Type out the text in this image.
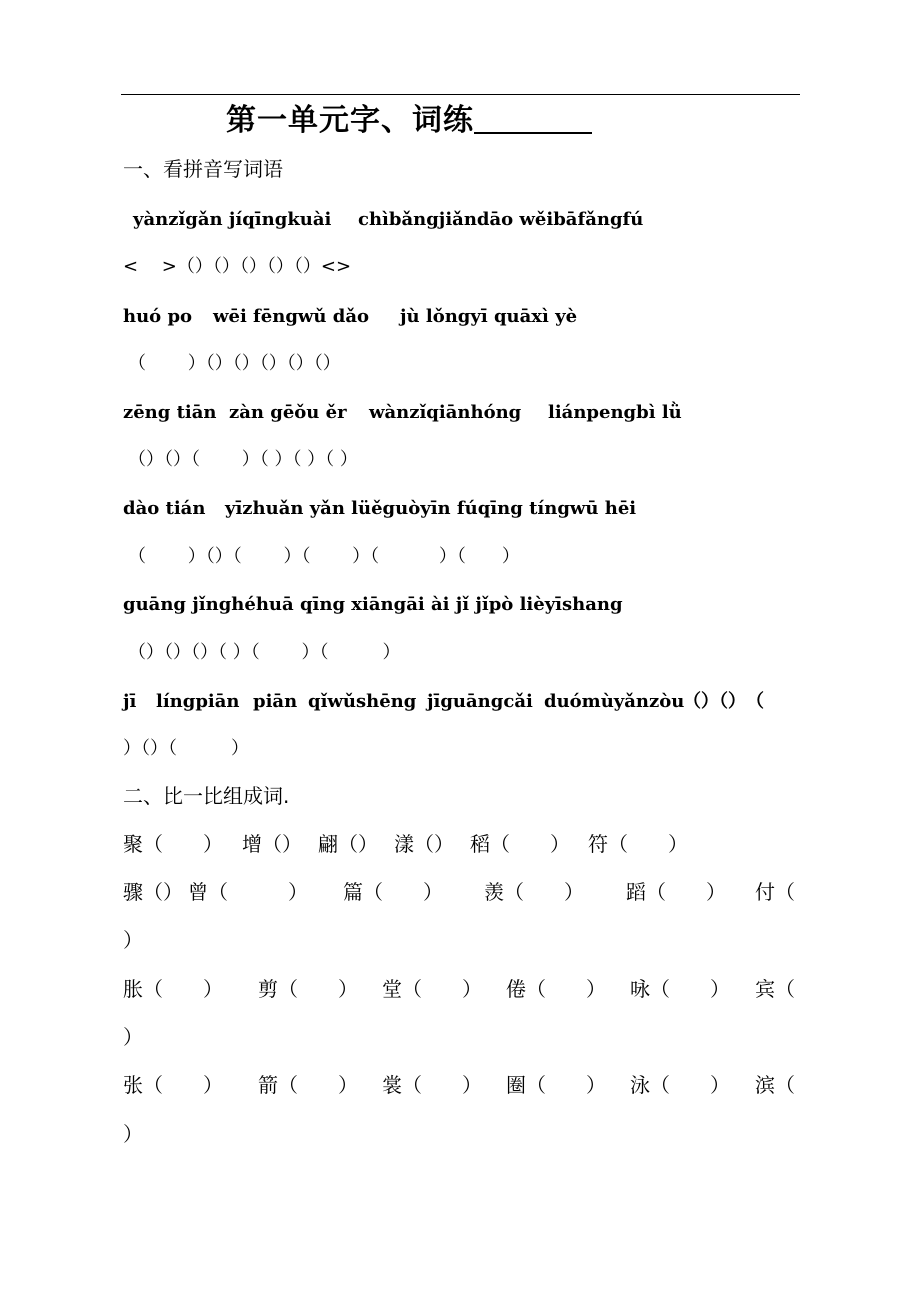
第一单元字、词练
一、看拼音写词语
yànzǐgǎn jíqīngkuài chìbǎngjiǎndāo wěibāfǎngfú
<　 >（）（）（）（）（）<>
huó po wēi fēngwǔ dǎo jù lǒngyī quāxì yè
（　　 ）（）（）（）（）（）
zēng tiān zàn gēǒu ěr wànzǐqiānhóng liánpengbì lǜ
（）（）（　　 ）（ ）（ ）（ ）
dào tián yīzhuǎn yǎn lüěguòyīn fúqīng tíngwū hēi
（　　 ）（）（　　 ）（　　 ）（　　　 ）（　　）
guāng jǐnghéhuā qīng xiāngāi ài jǐ jǐpò lièyīshang
（）（）（）（ ）（　　 ）（　　　）
jī língpiān piān qǐwǔshēng jīguāngcǎi duómùyǎnzòu
（）（）　（
）（）（　　　）
二、比一比组成词.
聚（　　） 增（） 翩（） 漾（） 稻（　　） 符（　　）
骤（） 曾（　　　） 篇（　　） 羡（　　） 蹈（　　） 付（
）
胀（　　） 剪（　　） 堂（　　） 倦（　　） 咏（　　） 宾（
）
张（　　） 箭（　　） 裳（　　） 圈（　　） 泳（　　） 滨（
）
